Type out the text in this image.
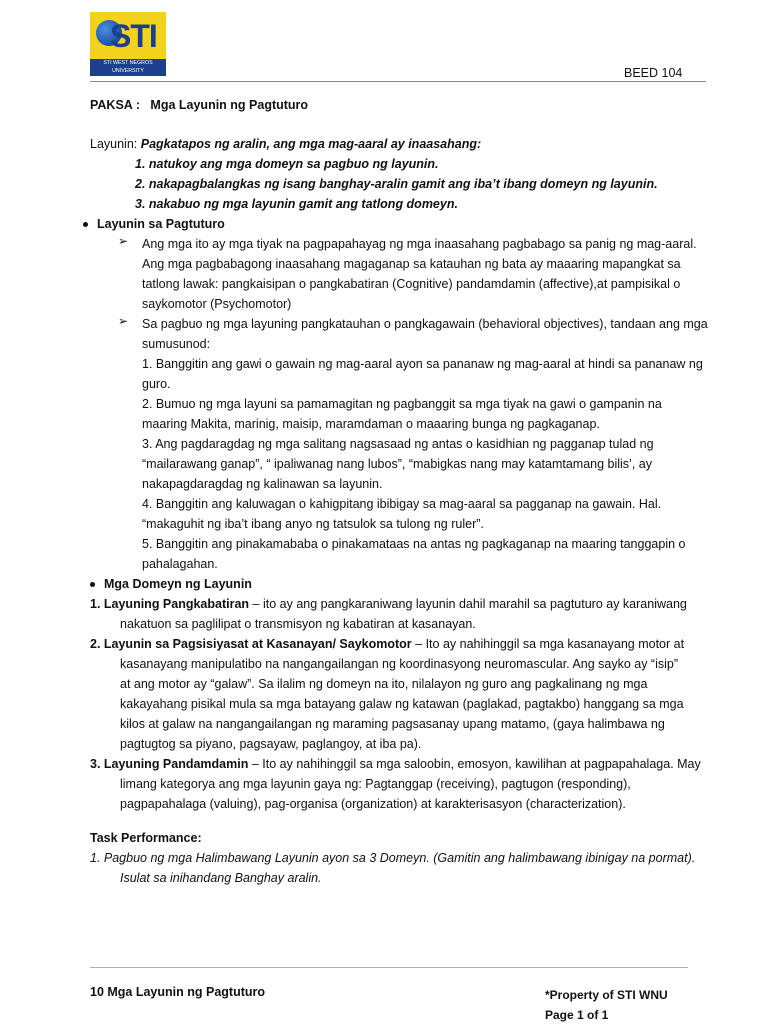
STI
STI WEST NEGROS
UNIVERSITY	BEED 104
PAKSA : Mga Layunin ng Pagtuturo
Layunin: Pagkatapos ng aralin, ang mga mag-aaral ay inaasahang:
1. natukoy ang mga domeyn sa pagbuo ng layunin.
2. nakapagbalangkas ng isang banghay-aralin gamit ang iba’t ibang domeyn ng layunin.
3. nakabuo ng mga layunin gamit ang tatlong domeyn.
Layunin sa Pagtuturo
➢ Ang mga ito ay mga tiyak na pagpapahayag ng mga inaasahang pagbabago sa panig ng mag-aaral.
Ang mga pagbabagong inaasahang magaganap sa katauhan ng bata ay maaaring mapangkat sa
tatlong lawak: pangkaisipan o pangkabatiran (Cognitive) pandamdamin (affective),at pampisikal o
saykomotor (Psychomotor)
➢ Sa pagbuo ng mga layuning pangkatauhan o pangkagawain (behavioral objectives), tandaan ang mga
sumusunod:
1. Banggitin ang gawi o gawain ng mag-aaral ayon sa pananaw ng mag-aaral at hindi sa pananaw ng
guro.
2. Bumuo ng mga layuni sa pamamagitan ng pagbanggit sa mga tiyak na gawi o gampanin na
maaring Makita, marinig, maisip, maramdaman o maaaring bunga ng pagkaganap.
3. Ang pagdaragdag ng mga salitang nagsasaad ng antas o kasidhian ng pagganap tulad ng
“mailarawang ganap”, “ ipaliwanag nang lubos”, “mabigkas nang may katamtamang bilis’, ay
nakapagdaragdag ng kalinawan sa layunin.
4. Banggitin ang kaluwagan o kahigpitang ibibigay sa mag-aaral sa pagganap na gawain. Hal.
“makaguhit ng iba’t ibang anyo ng tatsulok sa tulong ng ruler”.
5. Banggitin ang pinakamababa o pinakamataas na antas ng pagkaganap na maaring tanggapin o
pahalagahan.
Mga Domeyn ng Layunin
1. Layuning Pangkabatiran – ito ay ang pangkaraniwang layunin dahil marahil sa pagtuturo ay karaniwang
nakatuon sa paglilipat o transmisyon ng kabatiran at kasanayan.
2. Layunin sa Pagsisiyasat at Kasanayan/ Saykomotor – Ito ay nahihinggil sa mga kasanayang motor at
kasanayang manipulatibo na nangangailangan ng koordinasyong neuromascular. Ang sayko ay “isip”
at ang motor ay “galaw”. Sa ilalim ng domeyn na ito, nilalayon ng guro ang pagkalinang ng mga
kakayahang pisikal mula sa mga batayang galaw ng katawan (paglakad, pagtakbo) hanggang sa mga
kilos at galaw na nangangailangan ng maraming pagsasanay upang matamo, (gaya halimbawa ng
pagtugtog sa piyano, pagsayaw, paglangoy, at iba pa).
3. Layuning Pandamdamin – Ito ay nahihinggil sa mga saloobin, emosyon, kawilihan at pagpapahalaga. May
limang kategorya ang mga layunin gaya ng: Pagtanggap (receiving), pagtugon (responding),
pagpapahalaga (valuing), pag-organisa (organization) at karakterisasyon (characterization).
Task Performance:
1. Pagbuo ng mga Halimbawang Layunin ayon sa 3 Domeyn. (Gamitin ang halimbawang ibinigay na pormat).
Isulat sa inihandang Banghay aralin.
10 Mga Layunin ng Pagtuturo	*Property of STI WNU
Page 1 of 1
